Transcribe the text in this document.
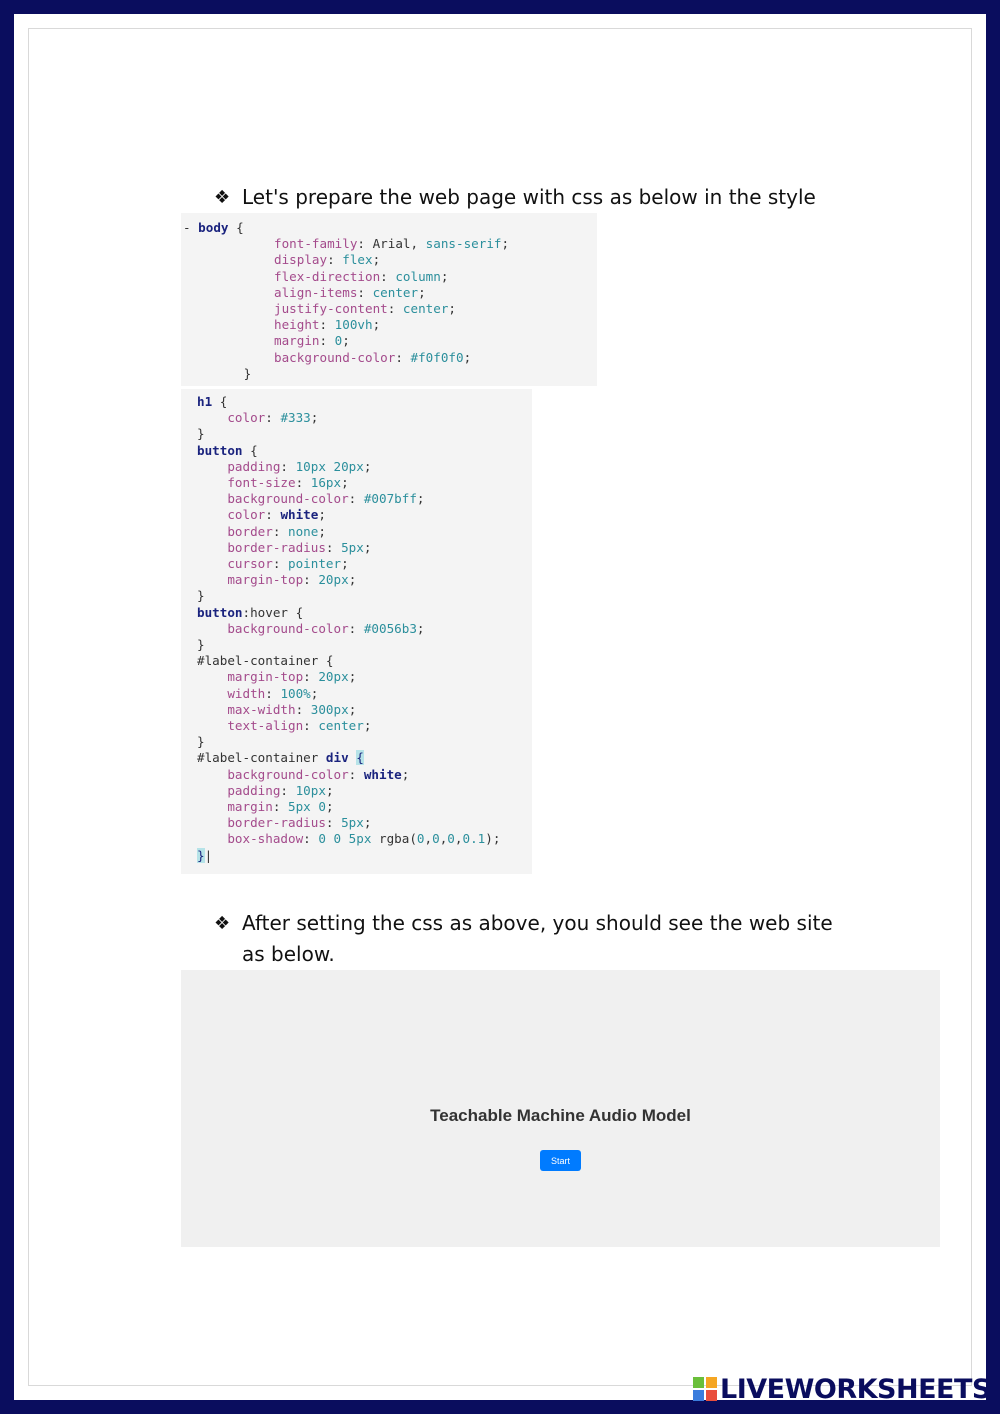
❖ Let's prepare the web page with css as below in the style
- body {
font-family: Arial, sans-serif;
display: flex;
flex-direction: column;
align-items: center;
justify-content: center;
height: 100vh;
margin: 0;
background-color: #f0f0f0;
}
h1 {
color: #333;
}
button {
padding: 10px 20px;
font-size: 16px;
background-color: #007bff;
color: white;
border: none;
border-radius: 5px;
cursor: pointer;
margin-top: 20px;
}
button:hover {
background-color: #0056b3;
}
#label-container {
margin-top: 20px;
width: 100%;
max-width: 300px;
text-align: center;
}
#label-container div {
background-color: white;
padding: 10px;
margin: 5px 0;
border-radius: 5px;
box-shadow: 0 0 5px rgba(0,0,0,0.1);
}|
❖ After setting the css as above, you should see the web site as below.
Teachable Machine Audio Model
Start
LIVEWORKSHEETS
